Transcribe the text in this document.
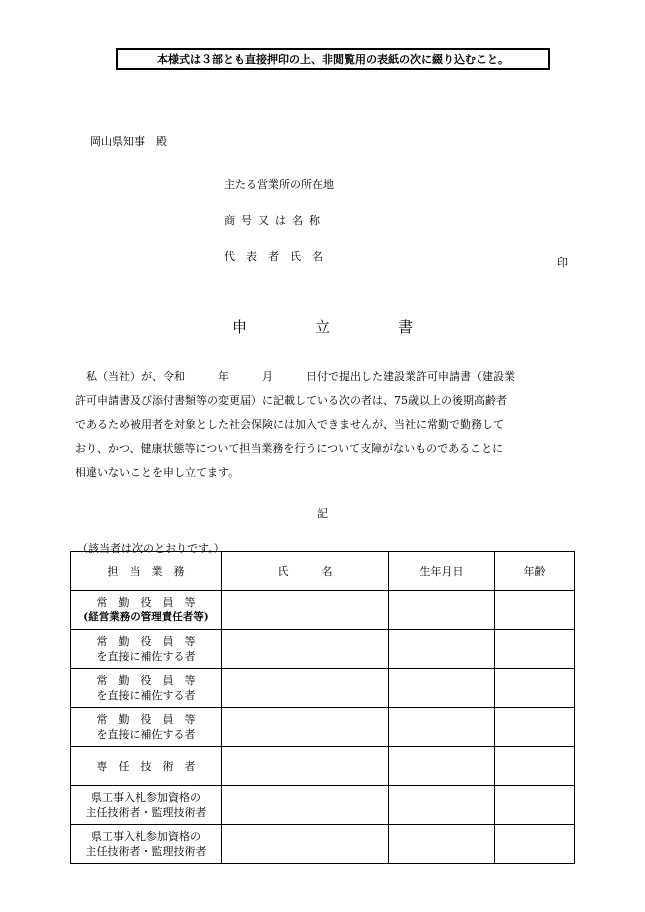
本様式は３部とも直接押印の上、非閲覧用の表紙の次に綴り込むこと。
岡山県知事　殿
主たる営業所の所在地
商号又は名称
代表者氏名	印
申	立	書
　私（当社）が、令和　　　年　　　月　　　日付で提出した建設業許可申請書（建設業
許可申請書及び添付書類等の変更届）に記載している次の者は、75歳以上の後期高齢者
であるため被用者を対象とした社会保険には加入できませんが、当社に常勤で勤務して
おり、かつ、健康状態等について担当業務を行うについて支障がないものであることに
相違いないことを申し立てます。
記
（該当者は次のとおりです。）
担　当　業　務	氏　　　名	生年月日	年齢

常　勤　役　員　等
(経営業務の管理責任者等)			

常　勤　役　員　等
を直接に補佐する者			

常　勤　役　員　等
を直接に補佐する者			

常　勤　役　員　等
を直接に補佐する者			

専　任　技　術　者			

県工事入札参加資格の
主任技術者・監理技術者			

県工事入札参加資格の
主任技術者・監理技術者			
